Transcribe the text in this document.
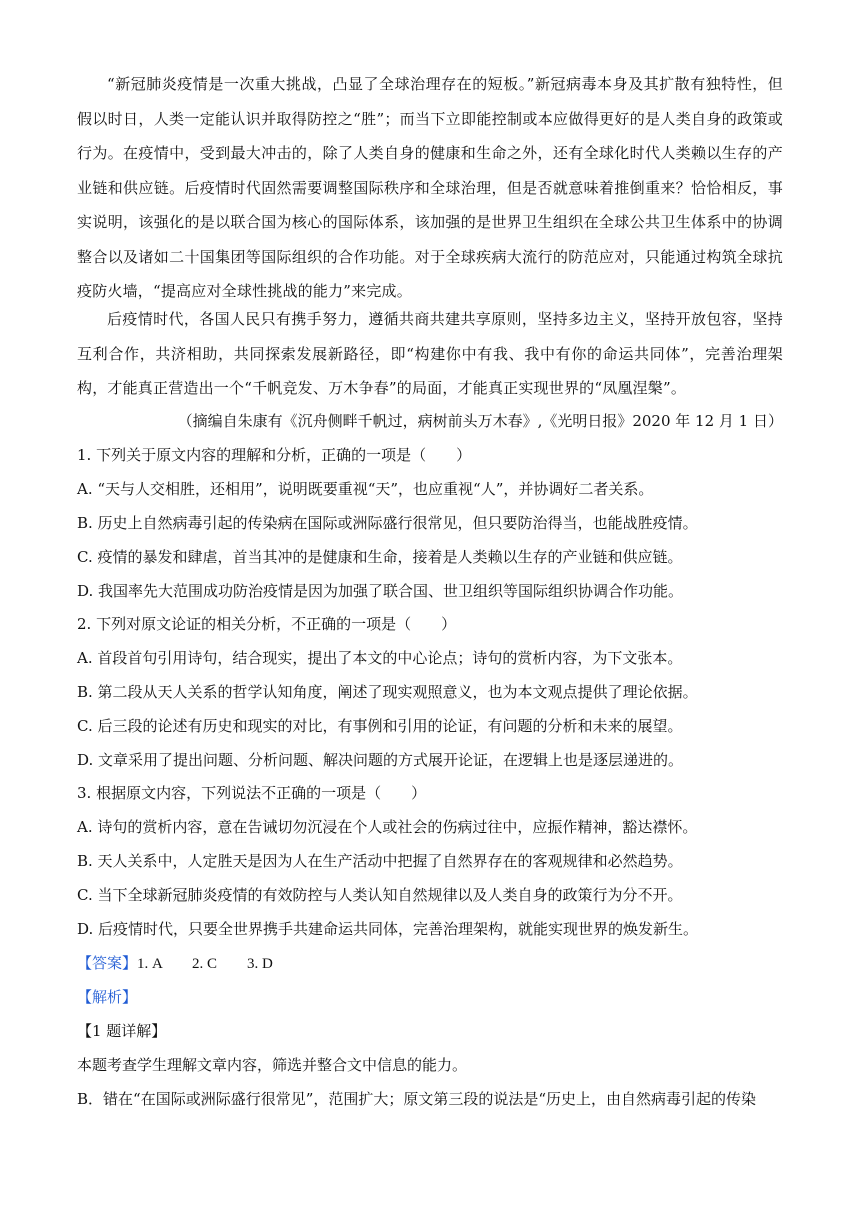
“新冠肺炎疫情是一次重大挑战，凸显了全球治理存在的短板。”新冠病毒本身及其扩散有独特性，但假以时日，人类一定能认识并取得防控之“胜”；而当下立即能控制或本应做得更好的是人类自身的政策或行为。在疫情中，受到最大冲击的，除了人类自身的健康和生命之外，还有全球化时代人类赖以生存的产业链和供应链。后疫情时代固然需要调整国际秩序和全球治理，但是否就意味着推倒重来？恰恰相反，事实说明，该强化的是以联合国为核心的国际体系，该加强的是世界卫生组织在全球公共卫生体系中的协调整合以及诸如二十国集团等国际组织的合作功能。对于全球疾病大流行的防范应对，只能通过构筑全球抗疫防火墙，“提高应对全球性挑战的能力”来完成。

后疫情时代，各国人民只有携手努力，遵循共商共建共享原则，坚持多边主义，坚持开放包容，坚持互利合作，共济相助，共同探索发展新路径，即“构建你中有我、我中有你的命运共同体”，完善治理架构，才能真正营造出一个“千帆竞发、万木争春”的局面，才能真正实现世界的“凤凰涅槃”。

（摘编自朱康有《沉舟侧畔千帆过，病树前头万木春》,《光明日报》2020 年 12 月 1 日）
1. 下列关于原文内容的理解和分析，正确的一项是（　　）
A. “天与人交相胜，还相用”，说明既要重视“天”，也应重视“人”，并协调好二者关系。
B. 历史上自然病毒引起的传染病在国际或洲际盛行很常见，但只要防治得当，也能战胜疫情。
C. 疫情的暴发和肆虐，首当其冲的是健康和生命，接着是人类赖以生存的产业链和供应链。
D. 我国率先大范围成功防治疫情是因为加强了联合国、世卫组织等国际组织协调合作功能。
2. 下列对原文论证的相关分析，不正确的一项是（　　）
A. 首段首句引用诗句，结合现实，提出了本文的中心论点；诗句的赏析内容，为下文张本。
B. 第二段从天人关系的哲学认知角度，阐述了现实观照意义，也为本文观点提供了理论依据。
C. 后三段的论述有历史和现实的对比，有事例和引用的论证，有问题的分析和未来的展望。
D. 文章采用了提出问题、分析问题、解决问题的方式展开论证，在逻辑上也是逐层递进的。
3. 根据原文内容，下列说法不正确的一项是（　　）
A. 诗句的赏析内容，意在告诫切勿沉浸在个人或社会的伤病过往中，应振作精神，豁达襟怀。
B. 天人关系中，人定胜天是因为人在生产活动中把握了自然界存在的客观规律和必然趋势。
C. 当下全球新冠肺炎疫情的有效防控与人类认知自然规律以及人类自身的政策行为分不开。
D. 后疫情时代，只要全世界携手共建命运共同体，完善治理架构，就能实现世界的焕发新生。
【答案】1. A　　2. C　　3. D
【解析】
【1 题详解】
本题考查学生理解文章内容，筛选并整合文中信息的能力。
B．错在“在国际或洲际盛行很常见”，范围扩大；原文第三段的说法是“历史上，由自然病毒引起的传染
